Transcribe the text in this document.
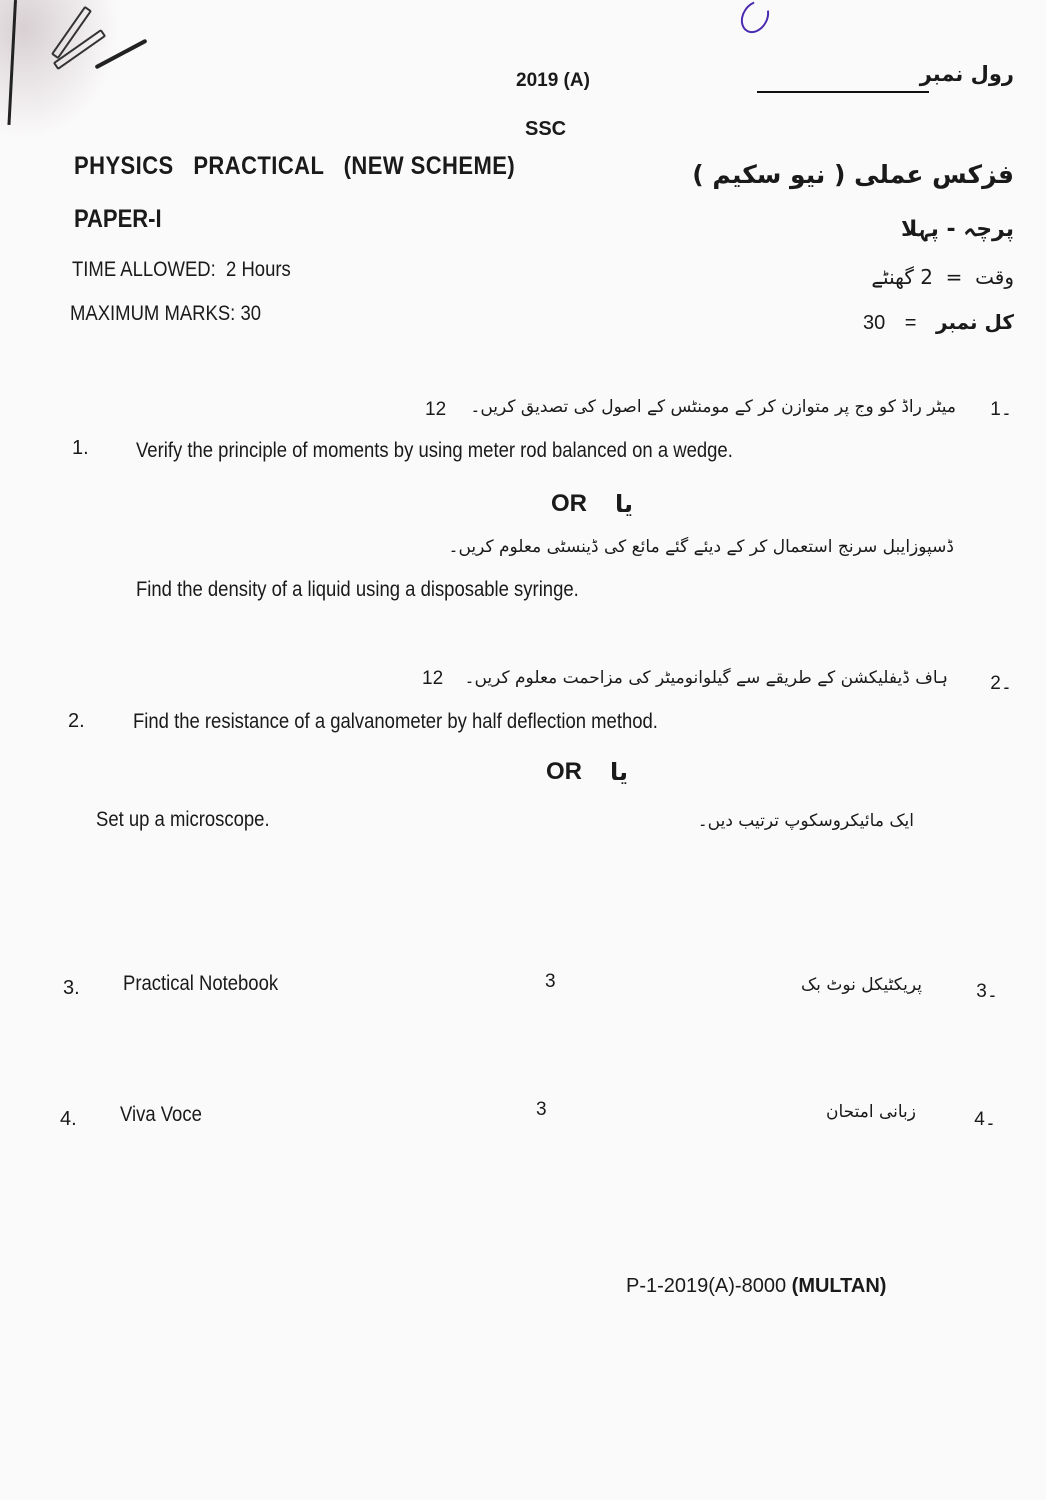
2019 (A)
SSC
رول نمبر
PHYSICS   PRACTICAL   (NEW SCHEME)	فزکس عملی ( نیو سکیم )
PAPER-I	پرچہ - پہلا
TIME ALLOWED: 2 Hours	وقت  =  2 گھنٹے
MAXIMUM MARKS: 30	30 = کل نمبر
1۔
میٹر راڈ کو وج پر متوازن کر کے مومنٹس کے اصول کی تصدیق کریں۔
12
1. Verify the principle of moments by using meter rod balanced on a wedge.
OR یا
ڈسپوزایبل سرنج استعمال کر کے دیئے گئے مائع کی ڈینسٹی معلوم کریں۔
Find the density of a liquid using a disposable syringe.
2۔
ہاف ڈیفلیکشن کے طریقے سے گیلوانومیٹر کی مزاحمت معلوم کریں۔
12
2. Find the resistance of a galvanometer by half deflection method.
OR یا
Set up a microscope.	ایک مائیکروسکوپ ترتیب دیں۔
3. Practical Notebook	3	پریکٹیکل نوٹ بک	3۔
4. Viva Voce	3	زبانی امتحان	4۔
P-1-2019(A)-8000 (MULTAN)
